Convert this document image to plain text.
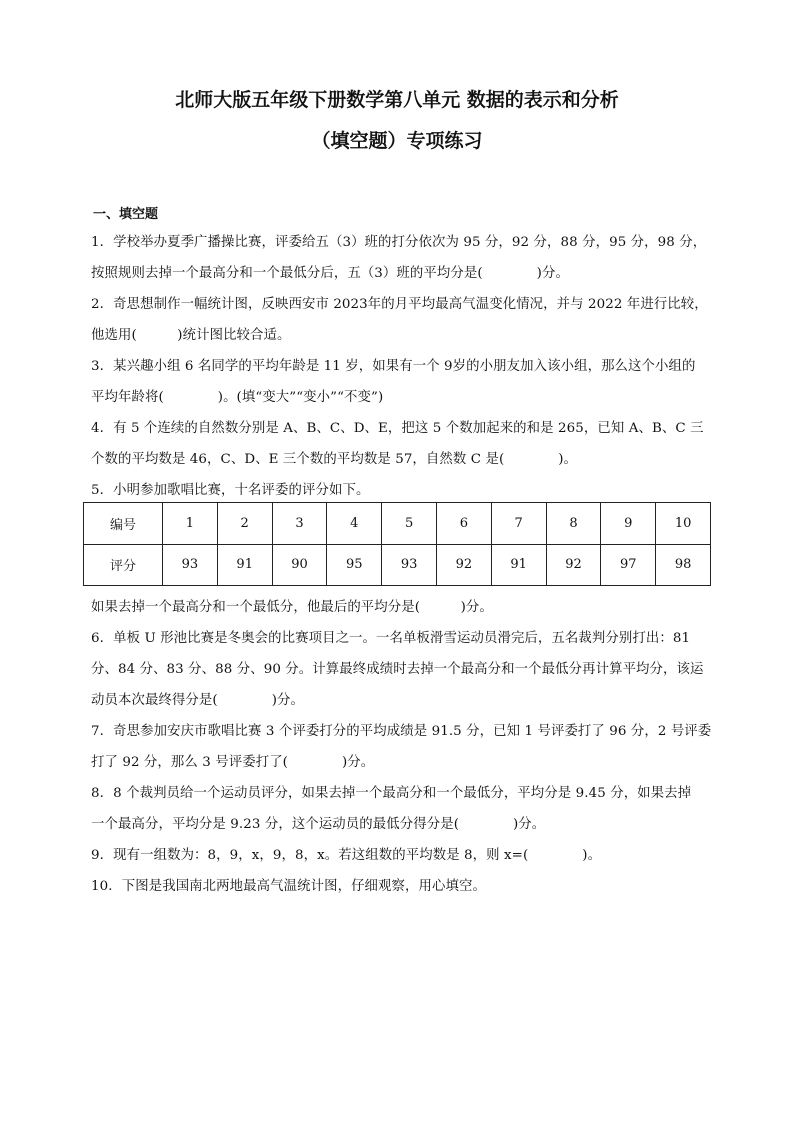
北师大版五年级下册数学第八单元 数据的表示和分析
（填空题）专项练习
一、填空题
1．学校举办夏季广播操比赛，评委给五（3）班的打分依次为 95 分，92 分，88 分，95 分，98 分，
按照规则去掉一个最高分和一个最低分后，五（3）班的平均分是(　　　　)分。
2．奇思想制作一幅统计图，反映西安市 2023年的月平均最高气温变化情况，并与 2022 年进行比较，
他选用(　　　)统计图比较合适。
3．某兴趣小组 6 名同学的平均年龄是 11 岁，如果有一个 9岁的小朋友加入该小组，那么这个小组的
平均年龄将(　　　　)。(填“变大”“变小”“不变”)
4．有 5 个连续的自然数分别是 A、B、C、D、E，把这 5 个数加起来的和是 265，已知 A、B、C 三
个数的平均数是 46，C、D、E 三个数的平均数是 57，自然数 C 是(　　　　)。
5．小明参加歌唱比赛，十名评委的评分如下。
编号	1	2	3	4	5	6	7	8	9	10
评分	93	91	90	95	93	92	91	92	97	98
如果去掉一个最高分和一个最低分，他最后的平均分是(　　　)分。
6．单板 U 形池比赛是冬奥会的比赛项目之一。一名单板滑雪运动员滑完后，五名裁判分别打出：81
分、84 分、83 分、88 分、90 分。计算最终成绩时去掉一个最高分和一个最低分再计算平均分，该运
动员本次最终得分是(　　　　)分。
7．奇思参加安庆市歌唱比赛 3 个评委打分的平均成绩是 91.5 分，已知 1 号评委打了 96 分，2 号评委
打了 92 分，那么 3 号评委打了(　　　　)分。
8．8 个裁判员给一个运动员评分，如果去掉一个最高分和一个最低分，平均分是 9.45 分，如果去掉
一个最高分，平均分是 9.23 分，这个运动员的最低分得分是(　　　　)分。
9．现有一组数为：8，9，x，9，8，x。若这组数的平均数是 8，则 x=(　　　　)。
10．下图是我国南北两地最高气温统计图，仔细观察，用心填空。
